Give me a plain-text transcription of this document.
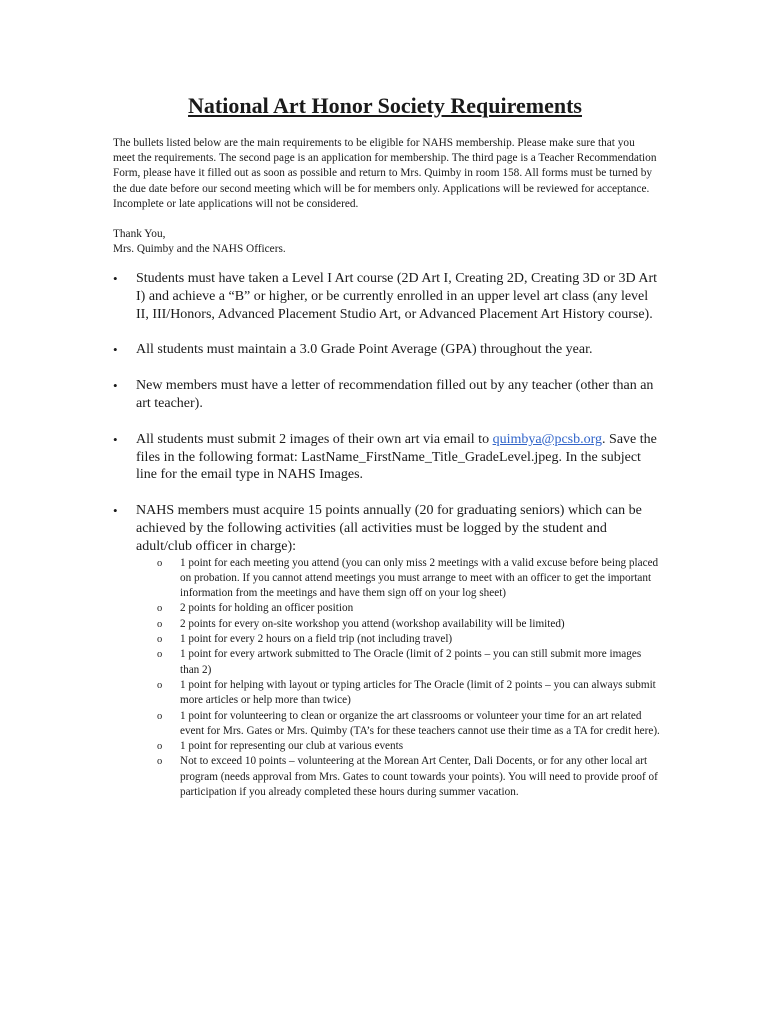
National Art Honor Society Requirements

The bullets listed below are the main requirements to be eligible for NAHS membership. Please make sure that you meet the requirements. The second page is an application for membership. The third page is a Teacher Recommendation Form, please have it filled out as soon as possible and return to Mrs. Quimby in room 158. All forms must be turned by the due date before our second meeting which will be for members only. Applications will be reviewed for acceptance. Incomplete or late applications will not be considered.

Thank You,
Mrs. Quimby and the NAHS Officers.
• Students must have taken a Level I Art course (2D Art I, Creating 2D, Creating 3D or 3D Art I) and achieve a “B” or higher, or be currently enrolled in an upper level art class (any level II, III/Honors, Advanced Placement Studio Art, or Advanced Placement Art History course).
• All students must maintain a 3.0 Grade Point Average (GPA) throughout the year.
• New members must have a letter of recommendation filled out by any teacher (other than an art teacher).
• All students must submit 2 images of their own art via email to quimbya@pcsb.org. Save the files in the following format: LastName_FirstName_Title_GradeLevel.jpeg. In the subject line for the email type in NAHS Images.
• NAHS members must acquire 15 points annually (20 for graduating seniors) which can be achieved by the following activities (all activities must be logged by the student and adult/club officer in charge):
o 1 point for each meeting you attend (you can only miss 2 meetings with a valid excuse before being placed on probation. If you cannot attend meetings you must arrange to meet with an officer to get the important information from the meetings and have them sign off on your log sheet)
o 2 points for holding an officer position
o 2 points for every on-site workshop you attend (workshop availability will be limited)
o 1 point for every 2 hours on a field trip (not including travel)
o 1 point for every artwork submitted to The Oracle (limit of 2 points – you can still submit more images than 2)
o 1 point for helping with layout or typing articles for The Oracle (limit of 2 points – you can always submit more articles or help more than twice)
o 1 point for volunteering to clean or organize the art classrooms or volunteer your time for an art related event for Mrs. Gates or Mrs. Quimby (TA’s for these teachers cannot use their time as a TA for credit here).
o 1 point for representing our club at various events
o Not to exceed 10 points – volunteering at the Morean Art Center, Dali Docents, or for any other local art program (needs approval from Mrs. Gates to count towards your points). You will need to provide proof of participation if you already completed these hours during summer vacation.
